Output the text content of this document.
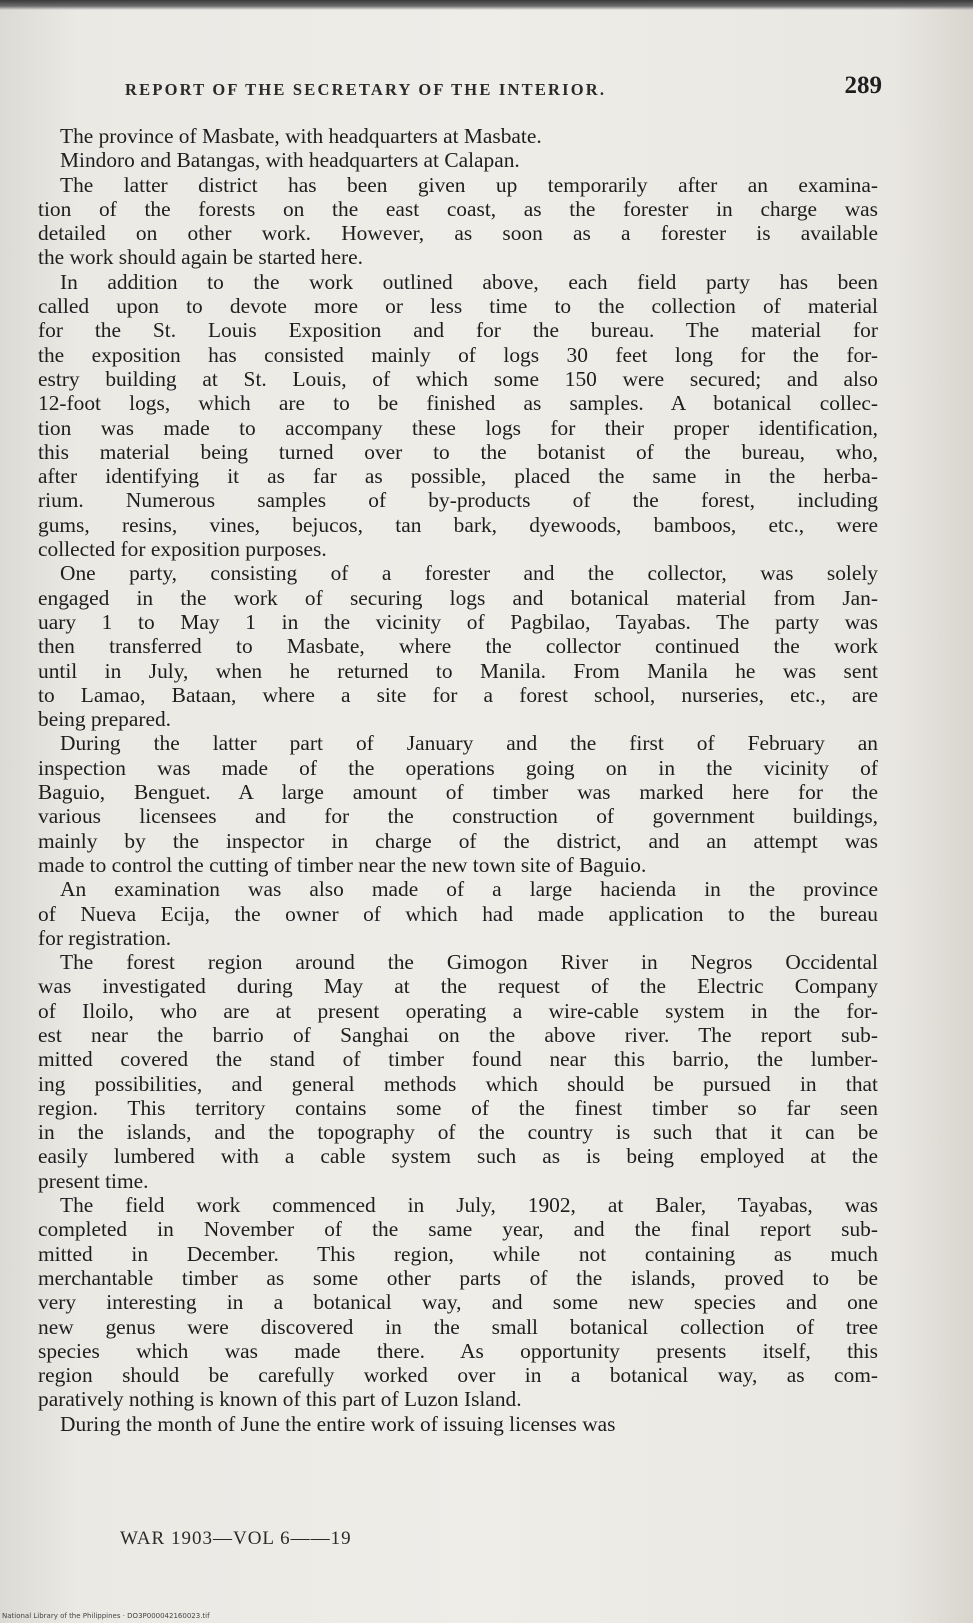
REPORT OF THE SECRETARY OF THE INTERIOR.	289
The province of Masbate, with headquarters at Masbate.
Mindoro and Batangas, with headquarters at Calapan.
The latter district has been given up temporarily after an examina-
tion of the forests on the east coast, as the forester in charge was
detailed on other work. However, as soon as a forester is available
the work should again be started here.
In addition to the work outlined above, each field party has been
called upon to devote more or less time to the collection of material
for the St. Louis Exposition and for the bureau. The material for
the exposition has consisted mainly of logs 30 feet long for the for-
estry building at St. Louis, of which some 150 were secured; and also
12-foot logs, which are to be finished as samples. A botanical collec-
tion was made to accompany these logs for their proper identification,
this material being turned over to the botanist of the bureau, who,
after identifying it as far as possible, placed the same in the herba-
rium. Numerous samples of by-products of the forest, including
gums, resins, vines, bejucos, tan bark, dyewoods, bamboos, etc., were
collected for exposition purposes.
One party, consisting of a forester and the collector, was solely
engaged in the work of securing logs and botanical material from Jan-
uary 1 to May 1 in the vicinity of Pagbilao, Tayabas. The party was
then transferred to Masbate, where the collector continued the work
until in July, when he returned to Manila. From Manila he was sent
to Lamao, Bataan, where a site for a forest school, nurseries, etc., are
being prepared.
During the latter part of January and the first of February an
inspection was made of the operations going on in the vicinity of
Baguio, Benguet. A large amount of timber was marked here for the
various licensees and for the construction of government buildings,
mainly by the inspector in charge of the district, and an attempt was
made to control the cutting of timber near the new town site of Baguio.
An examination was also made of a large hacienda in the province
of Nueva Ecija, the owner of which had made application to the bureau
for registration.
The forest region around the Gimogon River in Negros Occidental
was investigated during May at the request of the Electric Company
of Iloilo, who are at present operating a wire-cable system in the for-
est near the barrio of Sanghai on the above river. The report sub-
mitted covered the stand of timber found near this barrio, the lumber-
ing possibilities, and general methods which should be pursued in that
region. This territory contains some of the finest timber so far seen
in the islands, and the topography of the country is such that it can be
easily lumbered with a cable system such as is being employed at the
present time.
The field work commenced in July, 1902, at Baler, Tayabas, was
completed in November of the same year, and the final report sub-
mitted in December. This region, while not containing as much
merchantable timber as some other parts of the islands, proved to be
very interesting in a botanical way, and some new species and one
new genus were discovered in the small botanical collection of tree
species which was made there. As opportunity presents itself, this
region should be carefully worked over in a botanical way, as com-
paratively nothing is known of this part of Luzon Island.
During the month of June the entire work of issuing licenses was
WAR 1903—VOL 6——19
National Library of the Philippines · DO3P000042160023.tif
